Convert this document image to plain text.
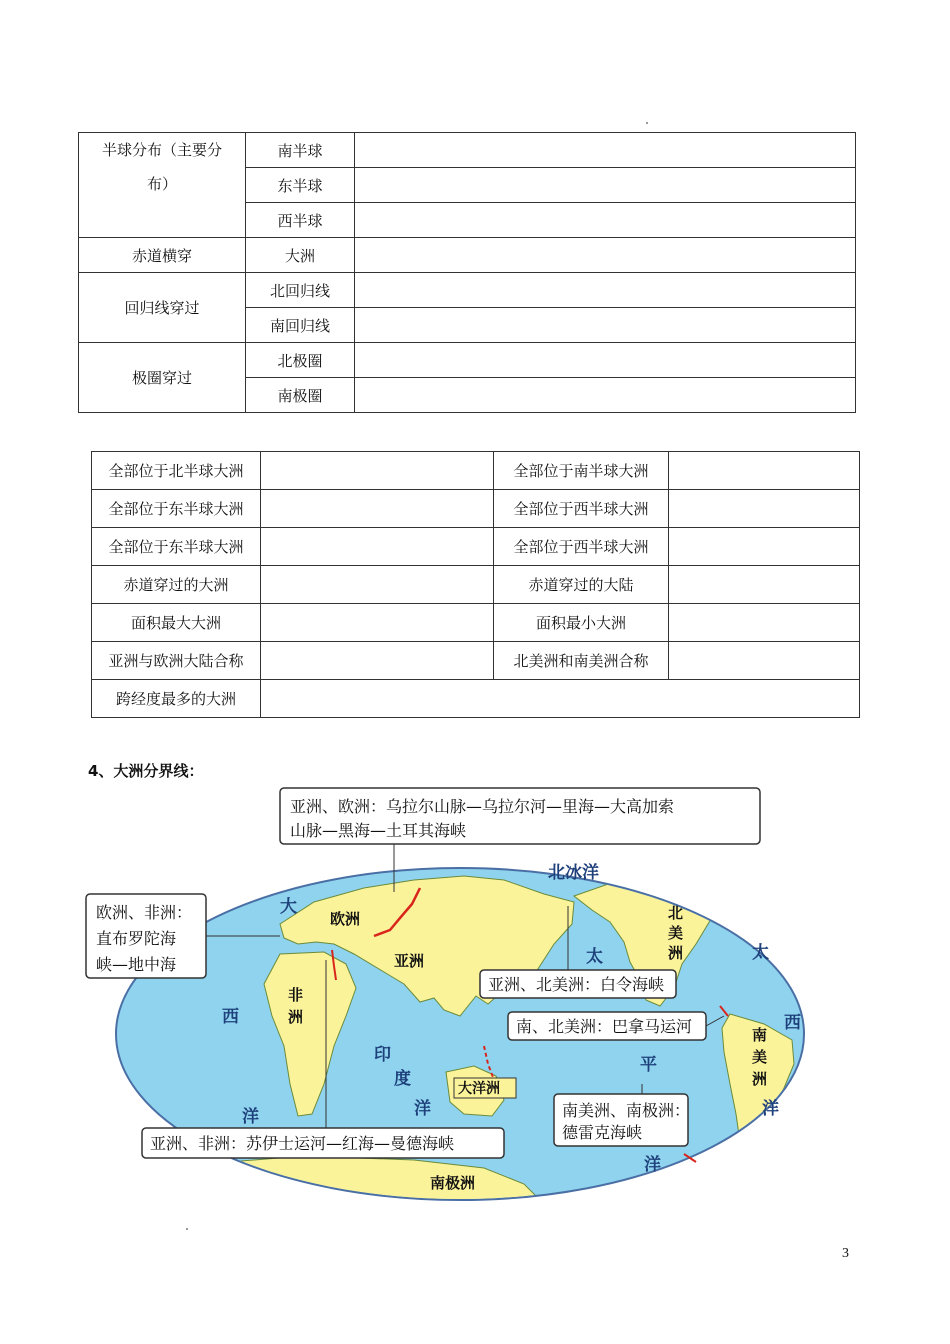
半球分布（主要分
布）	南半球	
	东半球	
	西半球	
赤道横穿	大洲	
回归线穿过	北回归线	
	南回归线	
极圈穿过	北极圈	
	南极圈	
全部位于北半球大洲		全部位于南半球大洲	
全部位于东半球大洲		全部位于西半球大洲	
全部位于东半球大洲		全部位于西半球大洲	
赤道穿过的大洲		赤道穿过的大陆	
面积最大大洲		面积最小大洲	
亚洲与欧洲大陆合称		北美洲和南美洲合称	
跨经度最多的大洲			
4、大洲分界线：
欧洲
亚洲
非
洲
南极洲
北
美
洲
南
美
洲
北冰洋
印
度
洋
太
平
洋
太
大
西
洋
西
洋
大洋洲
亚洲、欧洲：乌拉尔山脉—乌拉尔河—里海—大高加索
山脉—黑海—土耳其海峡
欧洲、非洲：
直布罗陀海
峡—地中海
亚洲、北美洲：白令海峡
南、北美洲：巴拿马运河
南美洲、南极洲：
德雷克海峡
亚洲、非洲：苏伊士运河—红海—曼德海峡
3
